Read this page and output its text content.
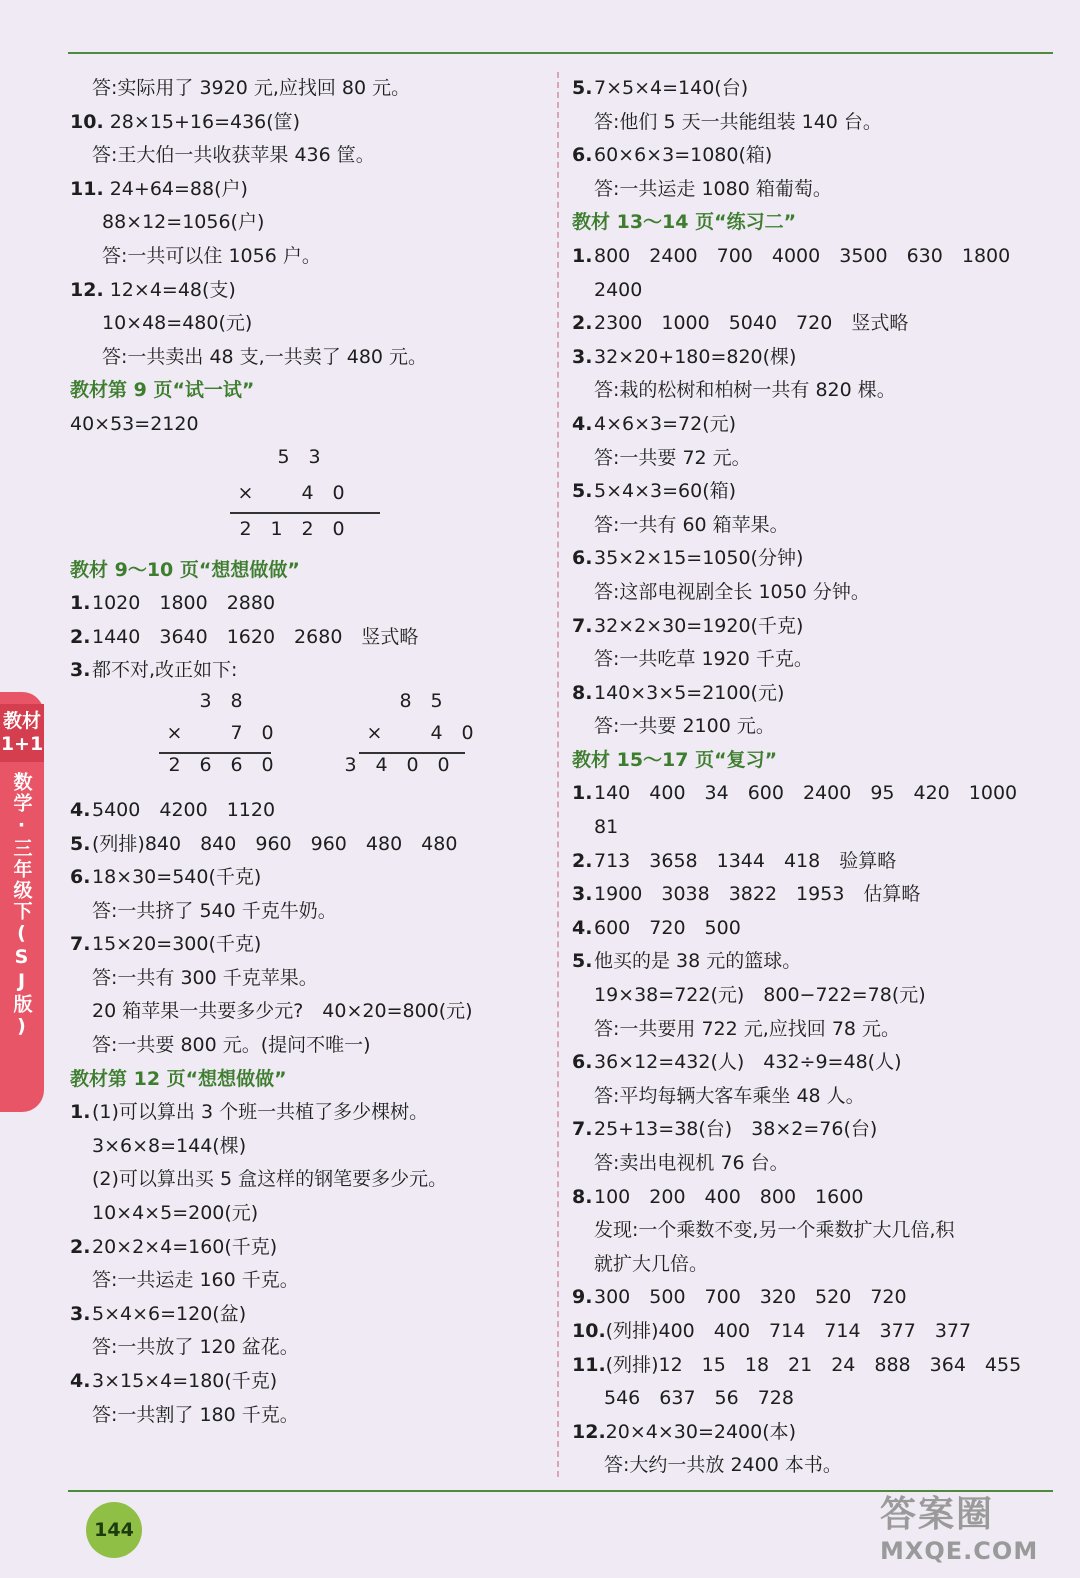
答:实际用了 3920 元,应找回 80 元。
10. 28×15+16=436(筐)
答:王大伯一共收获苹果 436 筐。
11. 24+64=88(户)
88×12=1056(户)
答:一共可以住 1056 户。
12. 12×4=48(支)
10×48=480(元)
答:一共卖出 48 支,一共卖了 480 元。
教材第 9 页“试一试”
40×53=2120
5 3
×	4 0
2 1 2 0
教材 9～10 页“想想做做”
1.1020　1800　2880
2.1440　3640　1620　2680　竖式略
3.都不对,改正如下:
3 8
×	7 0
2 6 6 0
8 5
×	4 0
3 4 0 0
4.5400　4200　1120
5.(列排)840　840　960　960　480　480
6.18×30=540(千克)
答:一共挤了 540 千克牛奶。
7.15×20=300(千克)
答:一共有 300 千克苹果。
20 箱苹果一共要多少元?　40×20=800(元)
答:一共要 800 元。(提问不唯一)
教材第 12 页“想想做做”
1.(1)可以算出 3 个班一共植了多少棵树。
3×6×8=144(棵)
(2)可以算出买 5 盒这样的钢笔要多少元。
10×4×5=200(元)
2.20×2×4=160(千克)
答:一共运走 160 千克。
3.5×4×6=120(盆)
答:一共放了 120 盆花。
4.3×15×4=180(千克)
答:一共割了 180 千克。
5.7×5×4=140(台)
答:他们 5 天一共能组装 140 台。
6.60×6×3=1080(箱)
答:一共运走 1080 箱葡萄。
教材 13～14 页“练习二”
1.800　2400　700　4000　3500　630　1800
2400
2.2300　1000　5040　720　竖式略
3.32×20+180=820(棵)
答:栽的松树和柏树一共有 820 棵。
4.4×6×3=72(元)
答:一共要 72 元。
5.5×4×3=60(箱)
答:一共有 60 箱苹果。
6.35×2×15=1050(分钟)
答:这部电视剧全长 1050 分钟。
7.32×2×30=1920(千克)
答:一共吃草 1920 千克。
8.140×3×5=2100(元)
答:一共要 2100 元。
教材 15～17 页“复习”
1.140　400　34　600　2400　95　420　1000
81
2.713　3658　1344　418　验算略
3.1900　3038　3822　1953　估算略
4.600　720　500
5.他买的是 38 元的篮球。
19×38=722(元)　800−722=78(元)
答:一共要用 722 元,应找回 78 元。
6.36×12=432(人)　432÷9=48(人)
答:平均每辆大客车乘坐 48 人。
7.25+13=38(台)　38×2=76(台)
答:卖出电视机 76 台。
8.100　200　400　800　1600
发现:一个乘数不变,另一个乘数扩大几倍,积
就扩大几倍。
9.300　500　700　320　520　720
10.(列排)400　400　714　714　377　377
11.(列排)12　15　18　21　24　888　364　455
546　637　56　728
12.20×4×30=2400(本)
答:大约一共放 2400 本书。
教材1+1
数学·三年级下(SJ版)
144	答案圈
MXQE.COM
